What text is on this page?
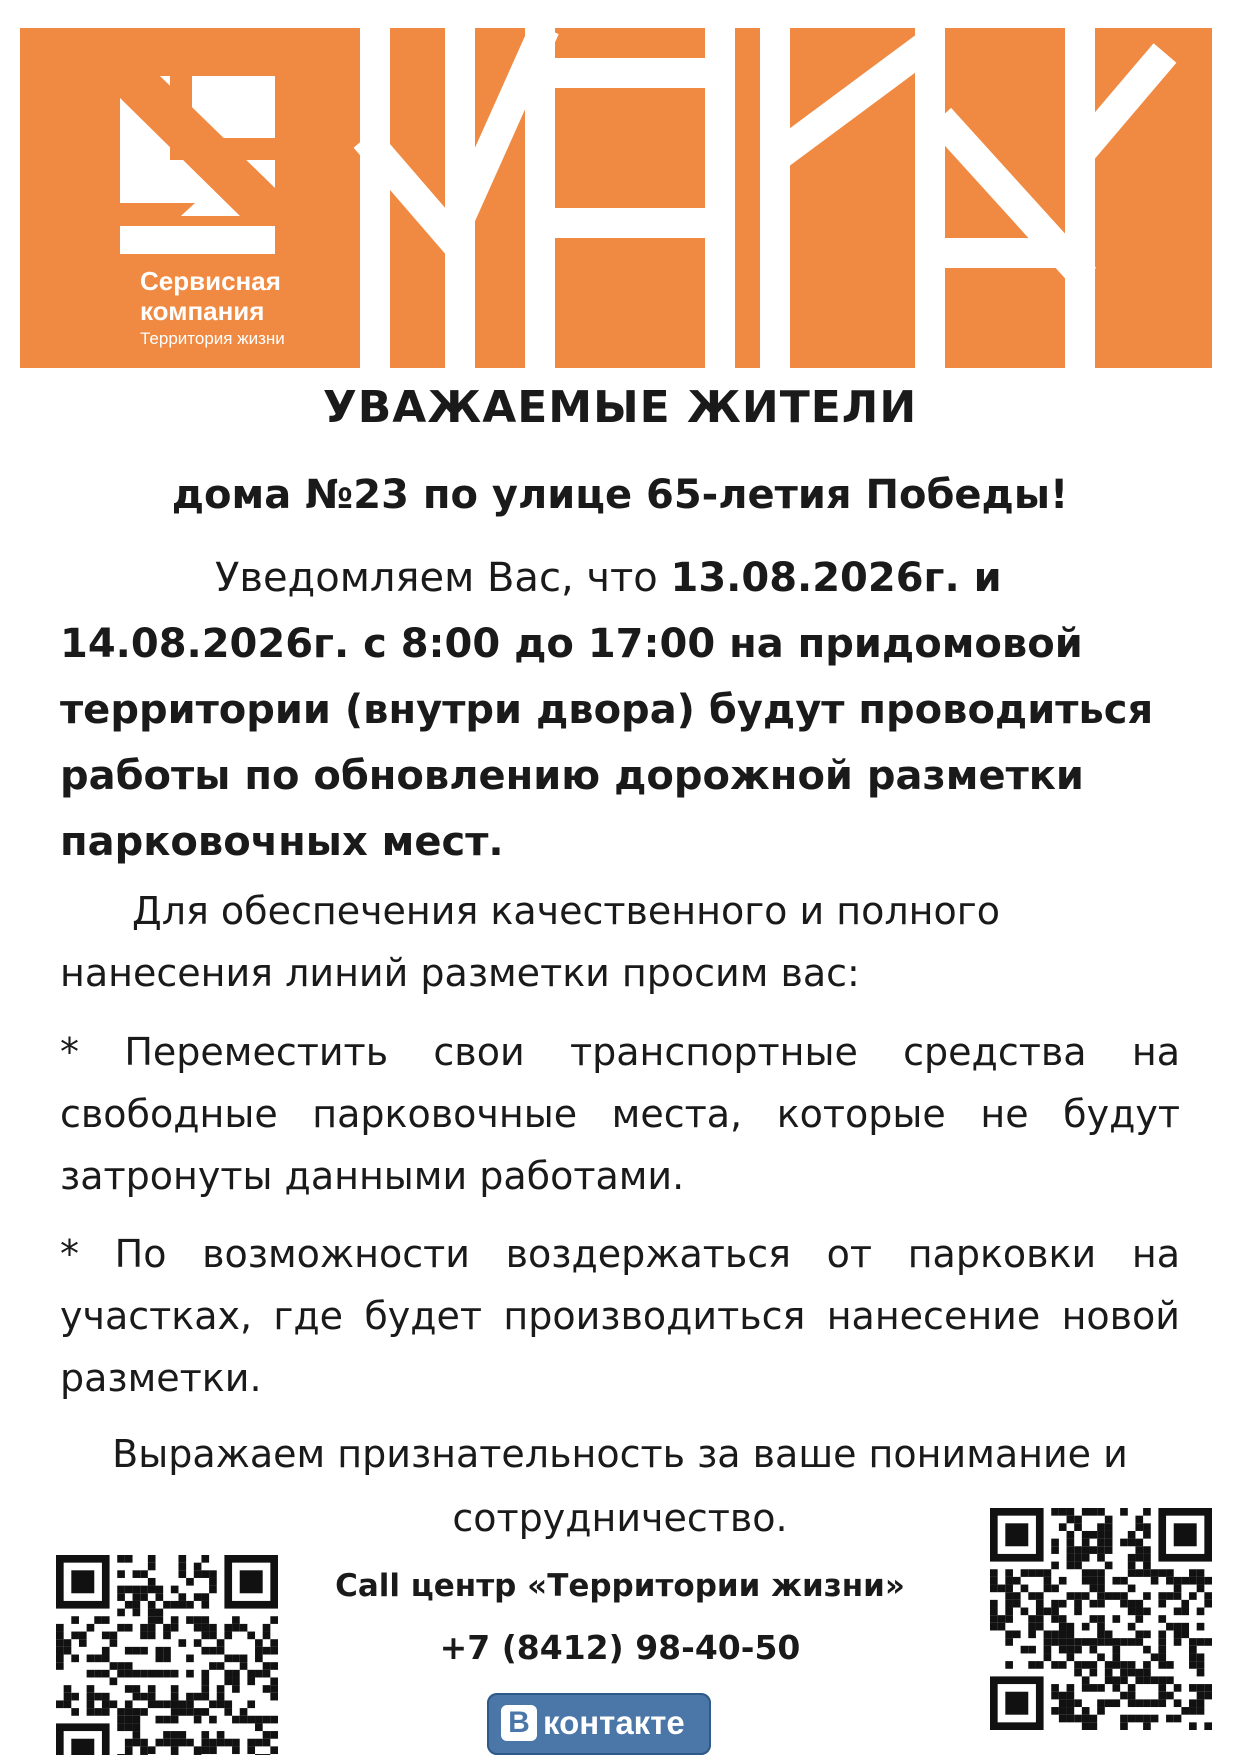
Сервисная
компания
Территория жизни
УВАЖАЕМЫЕ ЖИТЕЛИ
дома №23 по улице 65-летия Победы!
Уведомляем Вас, что 13.08.2026г. и 14.08.2026г. с 8:00 до 17:00 на придомовой территории (внутри двора) будут проводиться работы по обновлению дорожной разметки парковочных мест.
Для обеспечения качественного и полного нанесения линий разметки просим вас:
* Переместить свои транспортные средства на свободные парковочные места, которые не будут затронуты данными работами.
* По возможности воздержаться от парковки на участках, где будет производиться нанесение новой разметки.
Выражаем признательность за ваше понимание и
сотрудничество.
Call центр «Территории жизни»
+7 (8412) 98-40-50
B контакте
